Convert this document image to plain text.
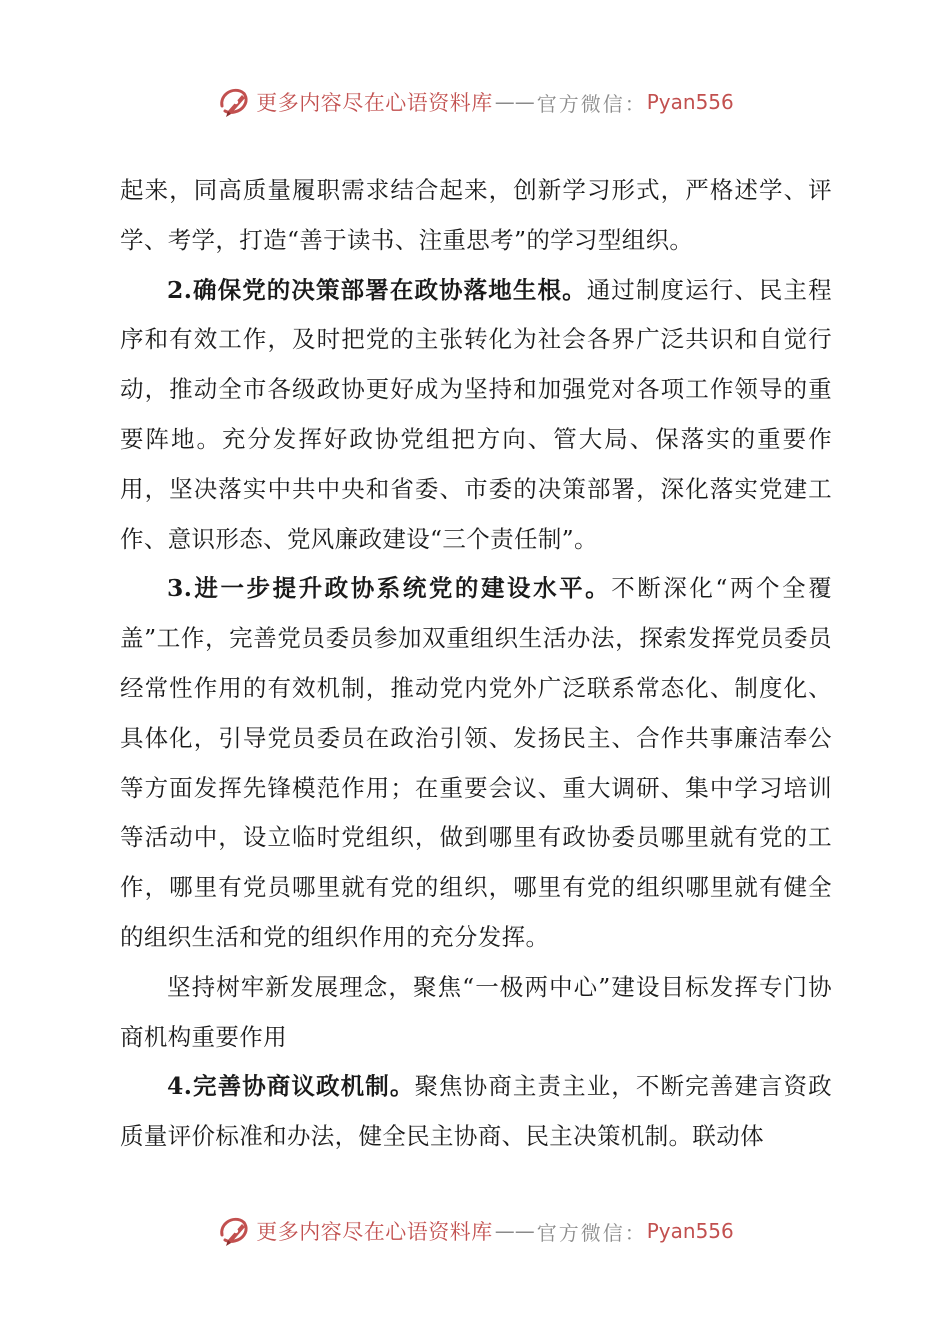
更多内容尽在心语资料库 —— 官方微信： Pyan556

起来，同高质量履职需求结合起来，创新学习形式，严格述学、评学、考学，打造“善于读书、注重思考”的学习型组织。

2.确保党的决策部署在政协落地生根。通过制度运行、民主程序和有效工作，及时把党的主张转化为社会各界广泛共识和自觉行动，推动全市各级政协更好成为坚持和加强党对各项工作领导的重要阵地。充分发挥好政协党组把方向、管大局、保落实的重要作用，坚决落实中共中央和省委、市委的决策部署，深化落实党建工作、意识形态、党风廉政建设“三个责任制”。

3.进一步提升政协系统党的建设水平。不断深化“两个全覆盖”工作，完善党员委员参加双重组织生活办法，探索发挥党员委员经常性作用的有效机制，推动党内党外广泛联系常态化、制度化、具体化，引导党员委员在政治引领、发扬民主、合作共事廉洁奉公等方面发挥先锋模范作用；在重要会议、重大调研、集中学习培训等活动中，设立临时党组织，做到哪里有政协委员哪里就有党的工作，哪里有党员哪里就有党的组织，哪里有党的组织哪里就有健全的组织生活和党的组织作用的充分发挥。

坚持树牢新发展理念，聚焦“一极两中心”建设目标发挥专门协商机构重要作用

4.完善协商议政机制。聚焦协商主责主业，不断完善建言资政质量评价标准和办法，健全民主协商、民主决策机制。联动体

更多内容尽在心语资料库 —— 官方微信： Pyan556
